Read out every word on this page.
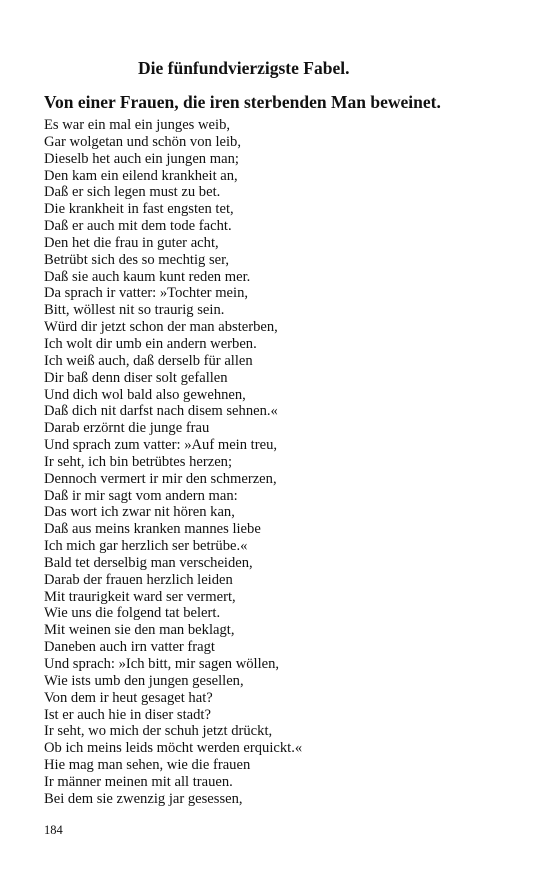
Die fünfundvierzigste Fabel.
Von einer Frauen, die iren sterbenden Man beweinet.
Es war ein mal ein junges weib,
Gar wolgetan und schön von leib,
Dieselb het auch ein jungen man;
Den kam ein eilend krankheit an,
Daß er sich legen must zu bet.
Die krankheit in fast engsten tet,
Daß er auch mit dem tode facht.
Den het die frau in guter acht,
Betrübt sich des so mechtig ser,
Daß sie auch kaum kunt reden mer.
Da sprach ir vatter: »Tochter mein,
Bitt, wöllest nit so traurig sein.
Würd dir jetzt schon der man absterben,
Ich wolt dir umb ein andern werben.
Ich weiß auch, daß derselb für allen
Dir baß denn diser solt gefallen
Und dich wol bald also gewehnen,
Daß dich nit darfst nach disem sehnen.«
Darab erzörnt die junge frau
Und sprach zum vatter: »Auf mein treu,
Ir seht, ich bin betrübtes herzen;
Dennoch vermert ir mir den schmerzen,
Daß ir mir sagt vom andern man:
Das wort ich zwar nit hören kan,
Daß aus meins kranken mannes liebe
Ich mich gar herzlich ser betrübe.«
Bald tet derselbig man verscheiden,
Darab der frauen herzlich leiden
Mit traurigkeit ward ser vermert,
Wie uns die folgend tat belert.
Mit weinen sie den man beklagt,
Daneben auch irn vatter fragt
Und sprach: »Ich bitt, mir sagen wöllen,
Wie ists umb den jungen gesellen,
Von dem ir heut gesaget hat?
Ist er auch hie in diser stadt?
Ir seht, wo mich der schuh jetzt drückt,
Ob ich meins leids möcht werden erquickt.«
Hie mag man sehen, wie die frauen
Ir männer meinen mit all trauen.
Bei dem sie zwenzig jar gesessen,
184
